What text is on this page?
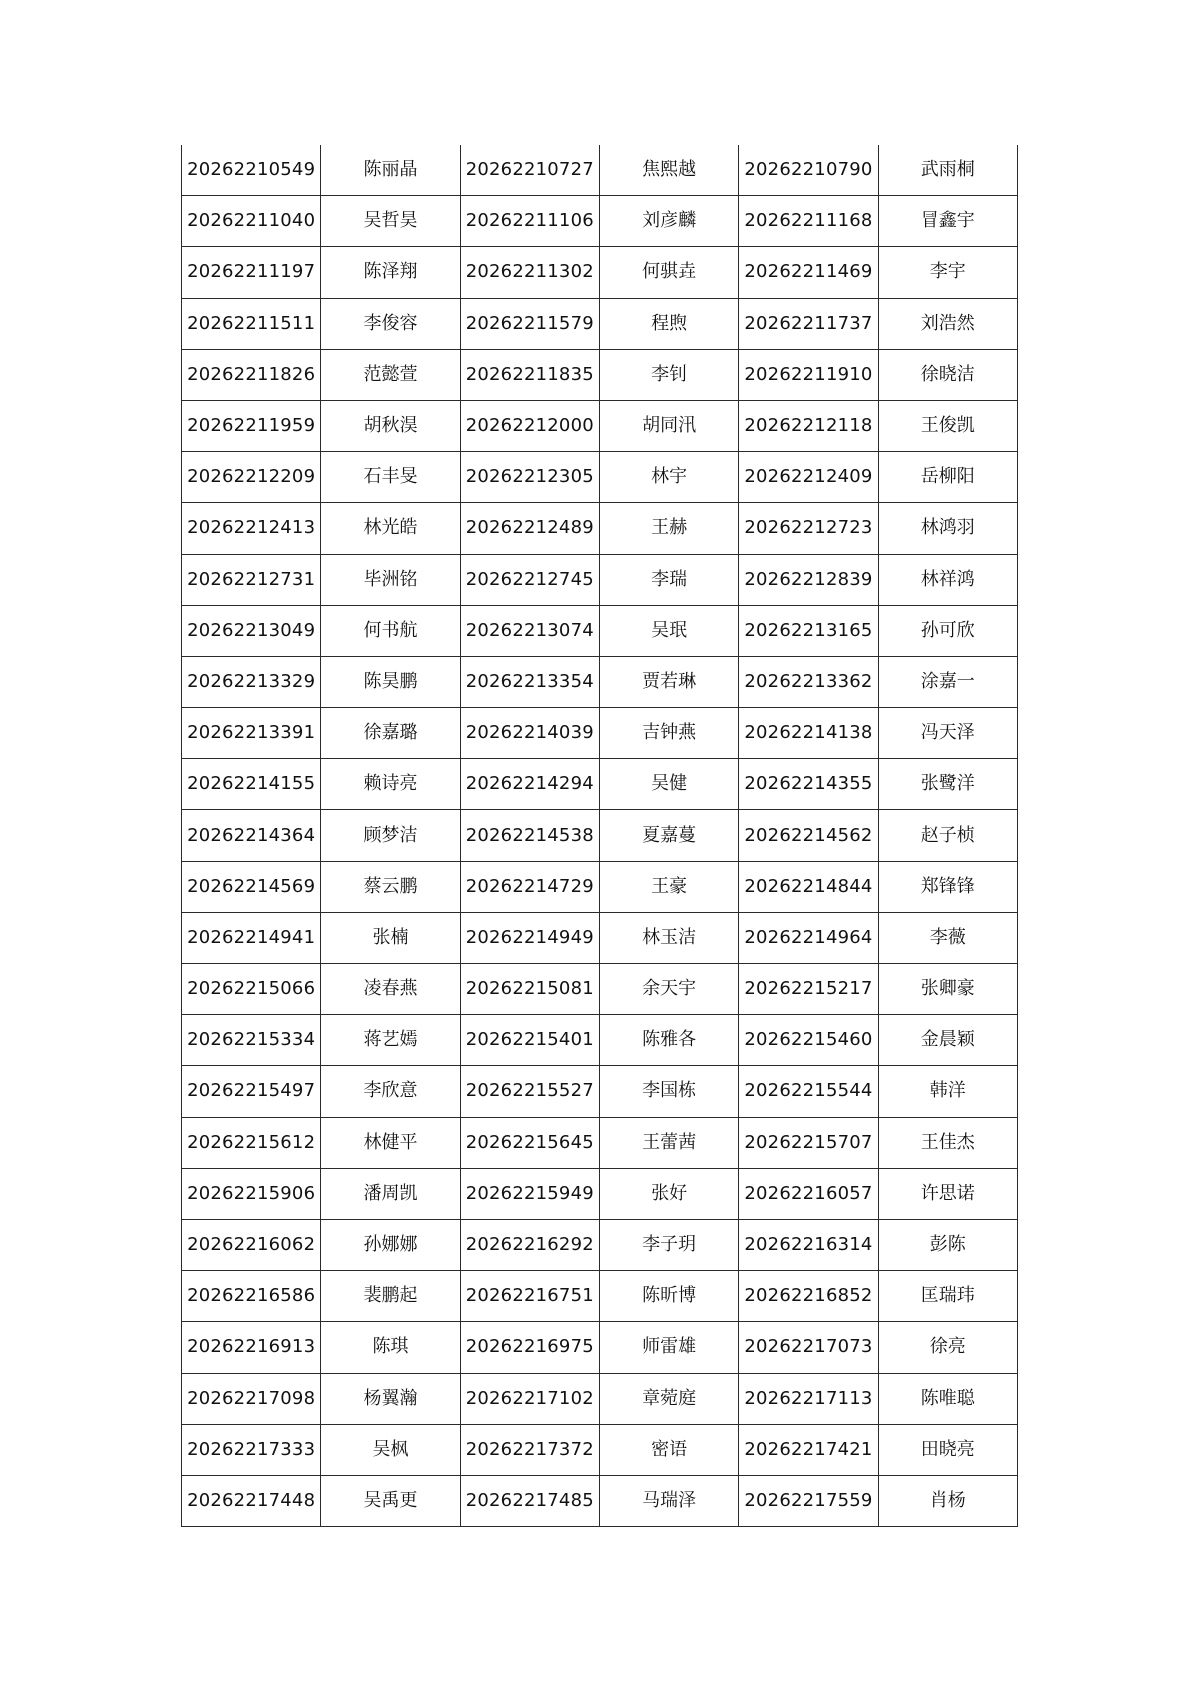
20262210549	陈丽晶	20262210727	焦熙越	20262210790	武雨桐
20262211040	吴哲昊	20262211106	刘彦麟	20262211168	冒鑫宇
20262211197	陈泽翔	20262211302	何骐垚	20262211469	李宇
20262211511	李俊容	20262211579	程煦	20262211737	刘浩然
20262211826	范懿萱	20262211835	李钊	20262211910	徐晓洁
20262211959	胡秋淏	20262212000	胡同汛	20262212118	王俊凯
20262212209	石丰旻	20262212305	林宇	20262212409	岳柳阳
20262212413	林光皓	20262212489	王赫	20262212723	林鸿羽
20262212731	毕洲铭	20262212745	李瑞	20262212839	林祥鸿
20262213049	何书航	20262213074	吴珉	20262213165	孙可欣
20262213329	陈昊鹏	20262213354	贾若琳	20262213362	涂嘉一
20262213391	徐嘉璐	20262214039	吉钟燕	20262214138	冯天泽
20262214155	赖诗亮	20262214294	吴健	20262214355	张鹭洋
20262214364	顾梦洁	20262214538	夏嘉蔓	20262214562	赵子桢
20262214569	蔡云鹏	20262214729	王豪	20262214844	郑锋锋
20262214941	张楠	20262214949	林玉洁	20262214964	李薇
20262215066	凌春燕	20262215081	余天宇	20262215217	张卿豪
20262215334	蒋艺嫣	20262215401	陈雅各	20262215460	金晨颖
20262215497	李欣意	20262215527	李国栋	20262215544	韩洋
20262215612	林健平	20262215645	王蕾茜	20262215707	王佳杰
20262215906	潘周凯	20262215949	张好	20262216057	许思诺
20262216062	孙娜娜	20262216292	李子玥	20262216314	彭陈
20262216586	裴鹏起	20262216751	陈昕博	20262216852	匡瑞玮
20262216913	陈琪	20262216975	师雷雄	20262217073	徐亮
20262217098	杨翼瀚	20262217102	章菀庭	20262217113	陈唯聪
20262217333	吴枫	20262217372	密语	20262217421	田晓亮
20262217448	吴禹更	20262217485	马瑞泽	20262217559	肖杨
